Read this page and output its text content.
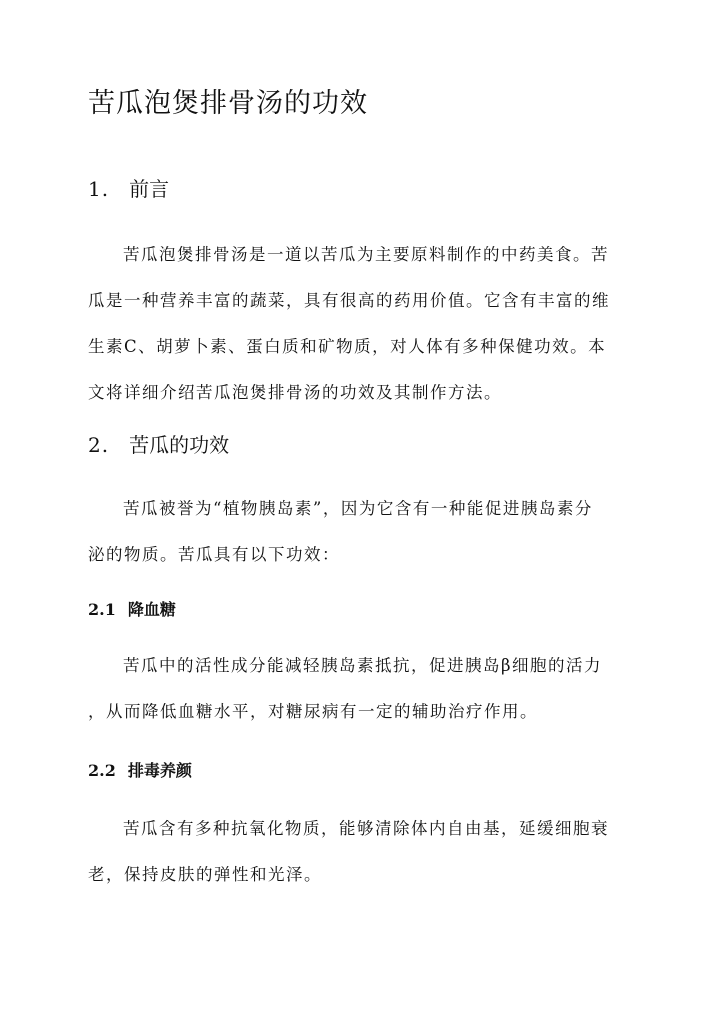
苦瓜泡煲排骨汤的功效
1. 前言
苦瓜泡煲排骨汤是一道以苦瓜为主要原料制作的中药美食。苦
瓜是一种营养丰富的蔬菜，具有很高的药用价值。它含有丰富的维
生素C、胡萝卜素、蛋白质和矿物质，对人体有多种保健功效。本
文将详细介绍苦瓜泡煲排骨汤的功效及其制作方法。
2. 苦瓜的功效
苦瓜被誉为“植物胰岛素”，因为它含有一种能促进胰岛素分
泌的物质。苦瓜具有以下功效：
2.1 降血糖
苦瓜中的活性成分能减轻胰岛素抵抗，促进胰岛β细胞的活力
，从而降低血糖水平，对糖尿病有一定的辅助治疗作用。
2.2 排毒养颜
苦瓜含有多种抗氧化物质，能够清除体内自由基，延缓细胞衰
老，保持皮肤的弹性和光泽。
